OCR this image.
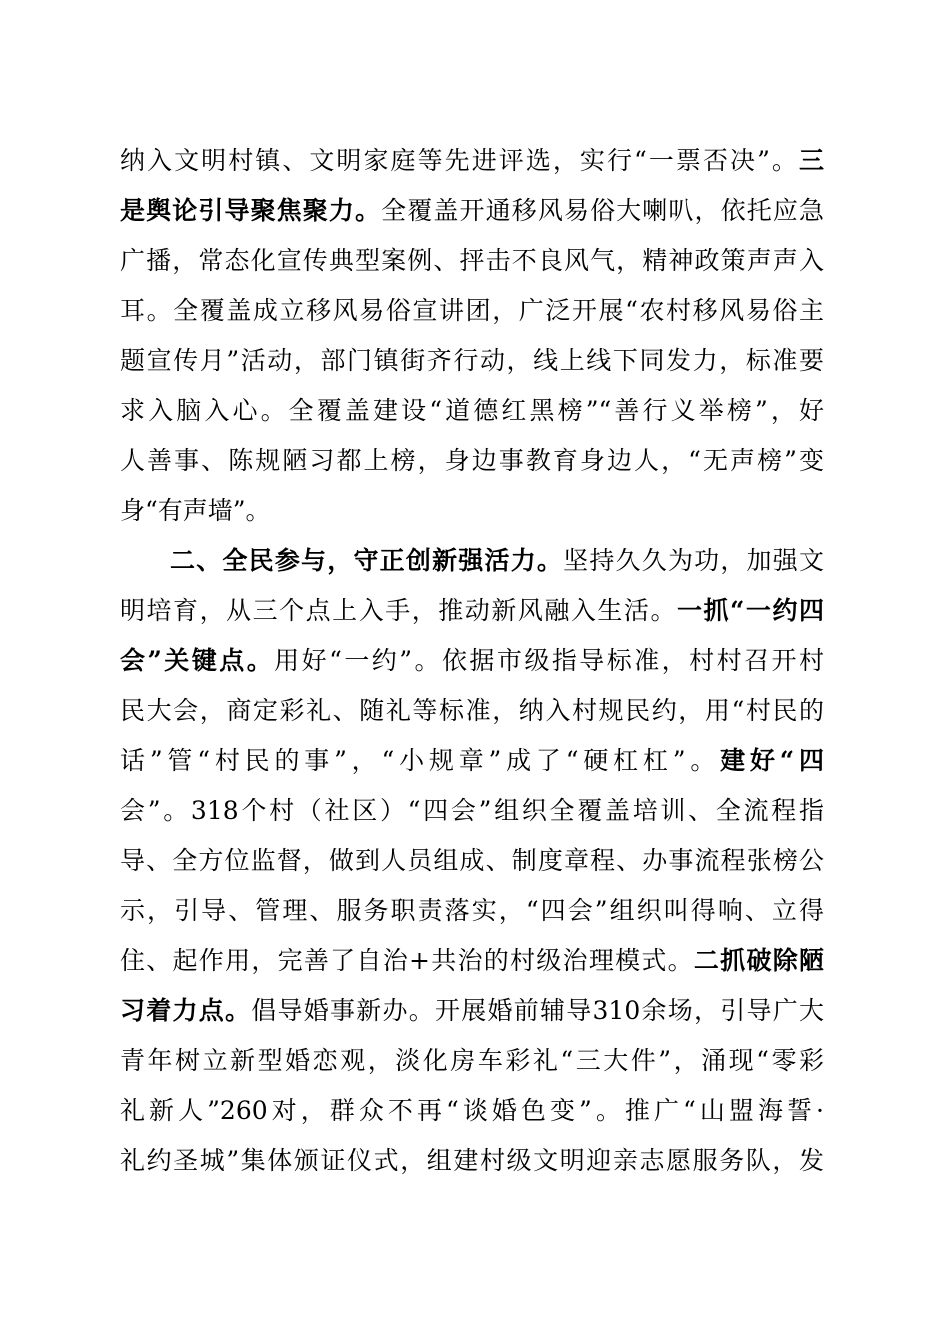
纳入文明村镇、文明家庭等先进评选，实行“一票否决”。三
是舆论引导聚焦聚力。全覆盖开通移风易俗大喇叭，依托应急
广播，常态化宣传典型案例、抨击不良风气，精神政策声声入
耳。全覆盖成立移风易俗宣讲团，广泛开展“农村移风易俗主
题宣传月”活动，部门镇街齐行动，线上线下同发力，标准要
求入脑入心。全覆盖建设“道德红黑榜”“善行义举榜”，好
人善事、陈规陋习都上榜，身边事教育身边人，“无声榜”变
身“有声墙”。
二、全民参与，守正创新强活力。坚持久久为功，加强文
明培育，从三个点上入手，推动新风融入生活。一抓“一约四
会”关键点。用好“一约”。依据市级指导标准，村村召开村
民大会，商定彩礼、随礼等标准，纳入村规民约，用“村民的
话”管“村民的事”，“小规章”成了“硬杠杠”。建好“四
会”。318个村（社区）“四会”组织全覆盖培训、全流程指
导、全方位监督，做到人员组成、制度章程、办事流程张榜公
示，引导、管理、服务职责落实，“四会”组织叫得响、立得
住、起作用，完善了自治+共治的村级治理模式。二抓破除陋
习着力点。倡导婚事新办。开展婚前辅导310余场，引导广大
青年树立新型婚恋观，淡化房车彩礼“三大件”，涌现“零彩
礼新人”260对，群众不再“谈婚色变”。推广“山盟海誓·
礼约圣城”集体颁证仪式，组建村级文明迎亲志愿服务队，发
